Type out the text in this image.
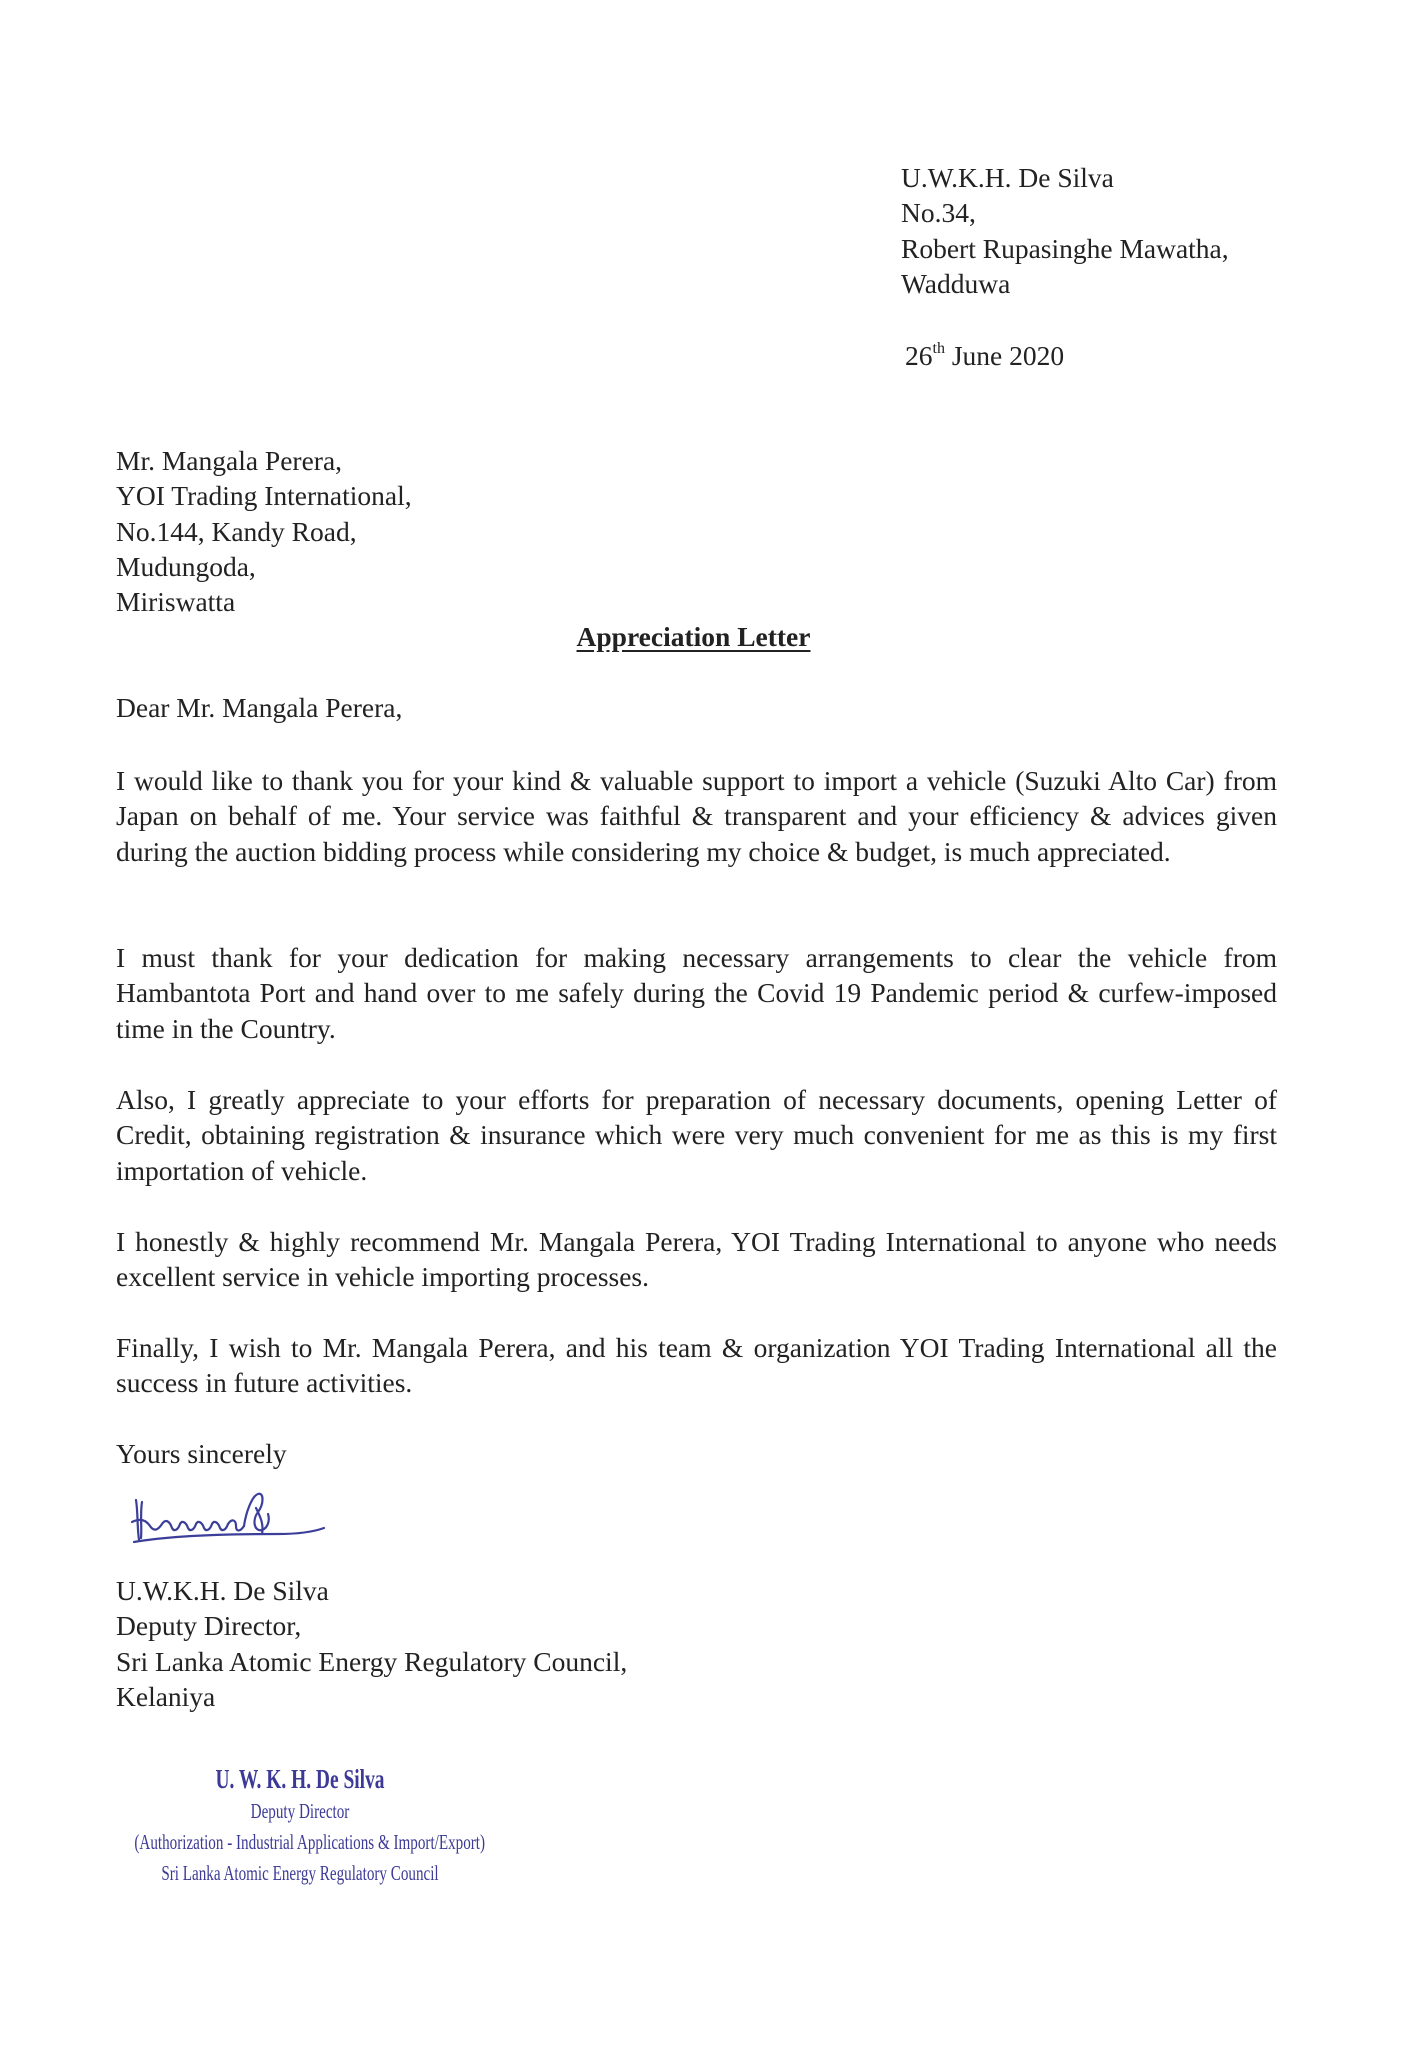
U.W.K.H. De Silva
No.34,
Robert Rupasinghe Mawatha,
Wadduwa
26th June 2020
Mr. Mangala Perera,
YOI Trading International,
No.144, Kandy Road,
Mudungoda,
Miriswatta
Appreciation Letter
Dear Mr. Mangala Perera,

I would like to thank you for your kind & valuable support to import a vehicle (Suzuki Alto Car) from Japan on behalf of me. Your service was faithful & transparent and your efficiency & advices given during the auction bidding process while considering my choice & budget, is much appreciated.

I must thank for your dedication for making necessary arrangements to clear the vehicle from Hambantota Port and hand over to me safely during the Covid 19 Pandemic period & curfew-imposed time in the Country.

Also, I greatly appreciate to your efforts for preparation of necessary documents, opening Letter of Credit, obtaining registration & insurance which were very much convenient for me as this is my first importation of vehicle.

I honestly & highly recommend Mr. Mangala Perera, YOI Trading International to anyone who needs excellent service in vehicle importing processes.

Finally, I wish to Mr. Mangala Perera, and his team & organization YOI Trading International all the success in future activities.

Yours sincerely
U.W.K.H. De Silva
Deputy Director,
Sri Lanka Atomic Energy Regulatory Council,
Kelaniya
U. W. K. H. De Silva
Deputy Director
(Authorization - Industrial Applications & Import/Export)
Sri Lanka Atomic Energy Regulatory Council
